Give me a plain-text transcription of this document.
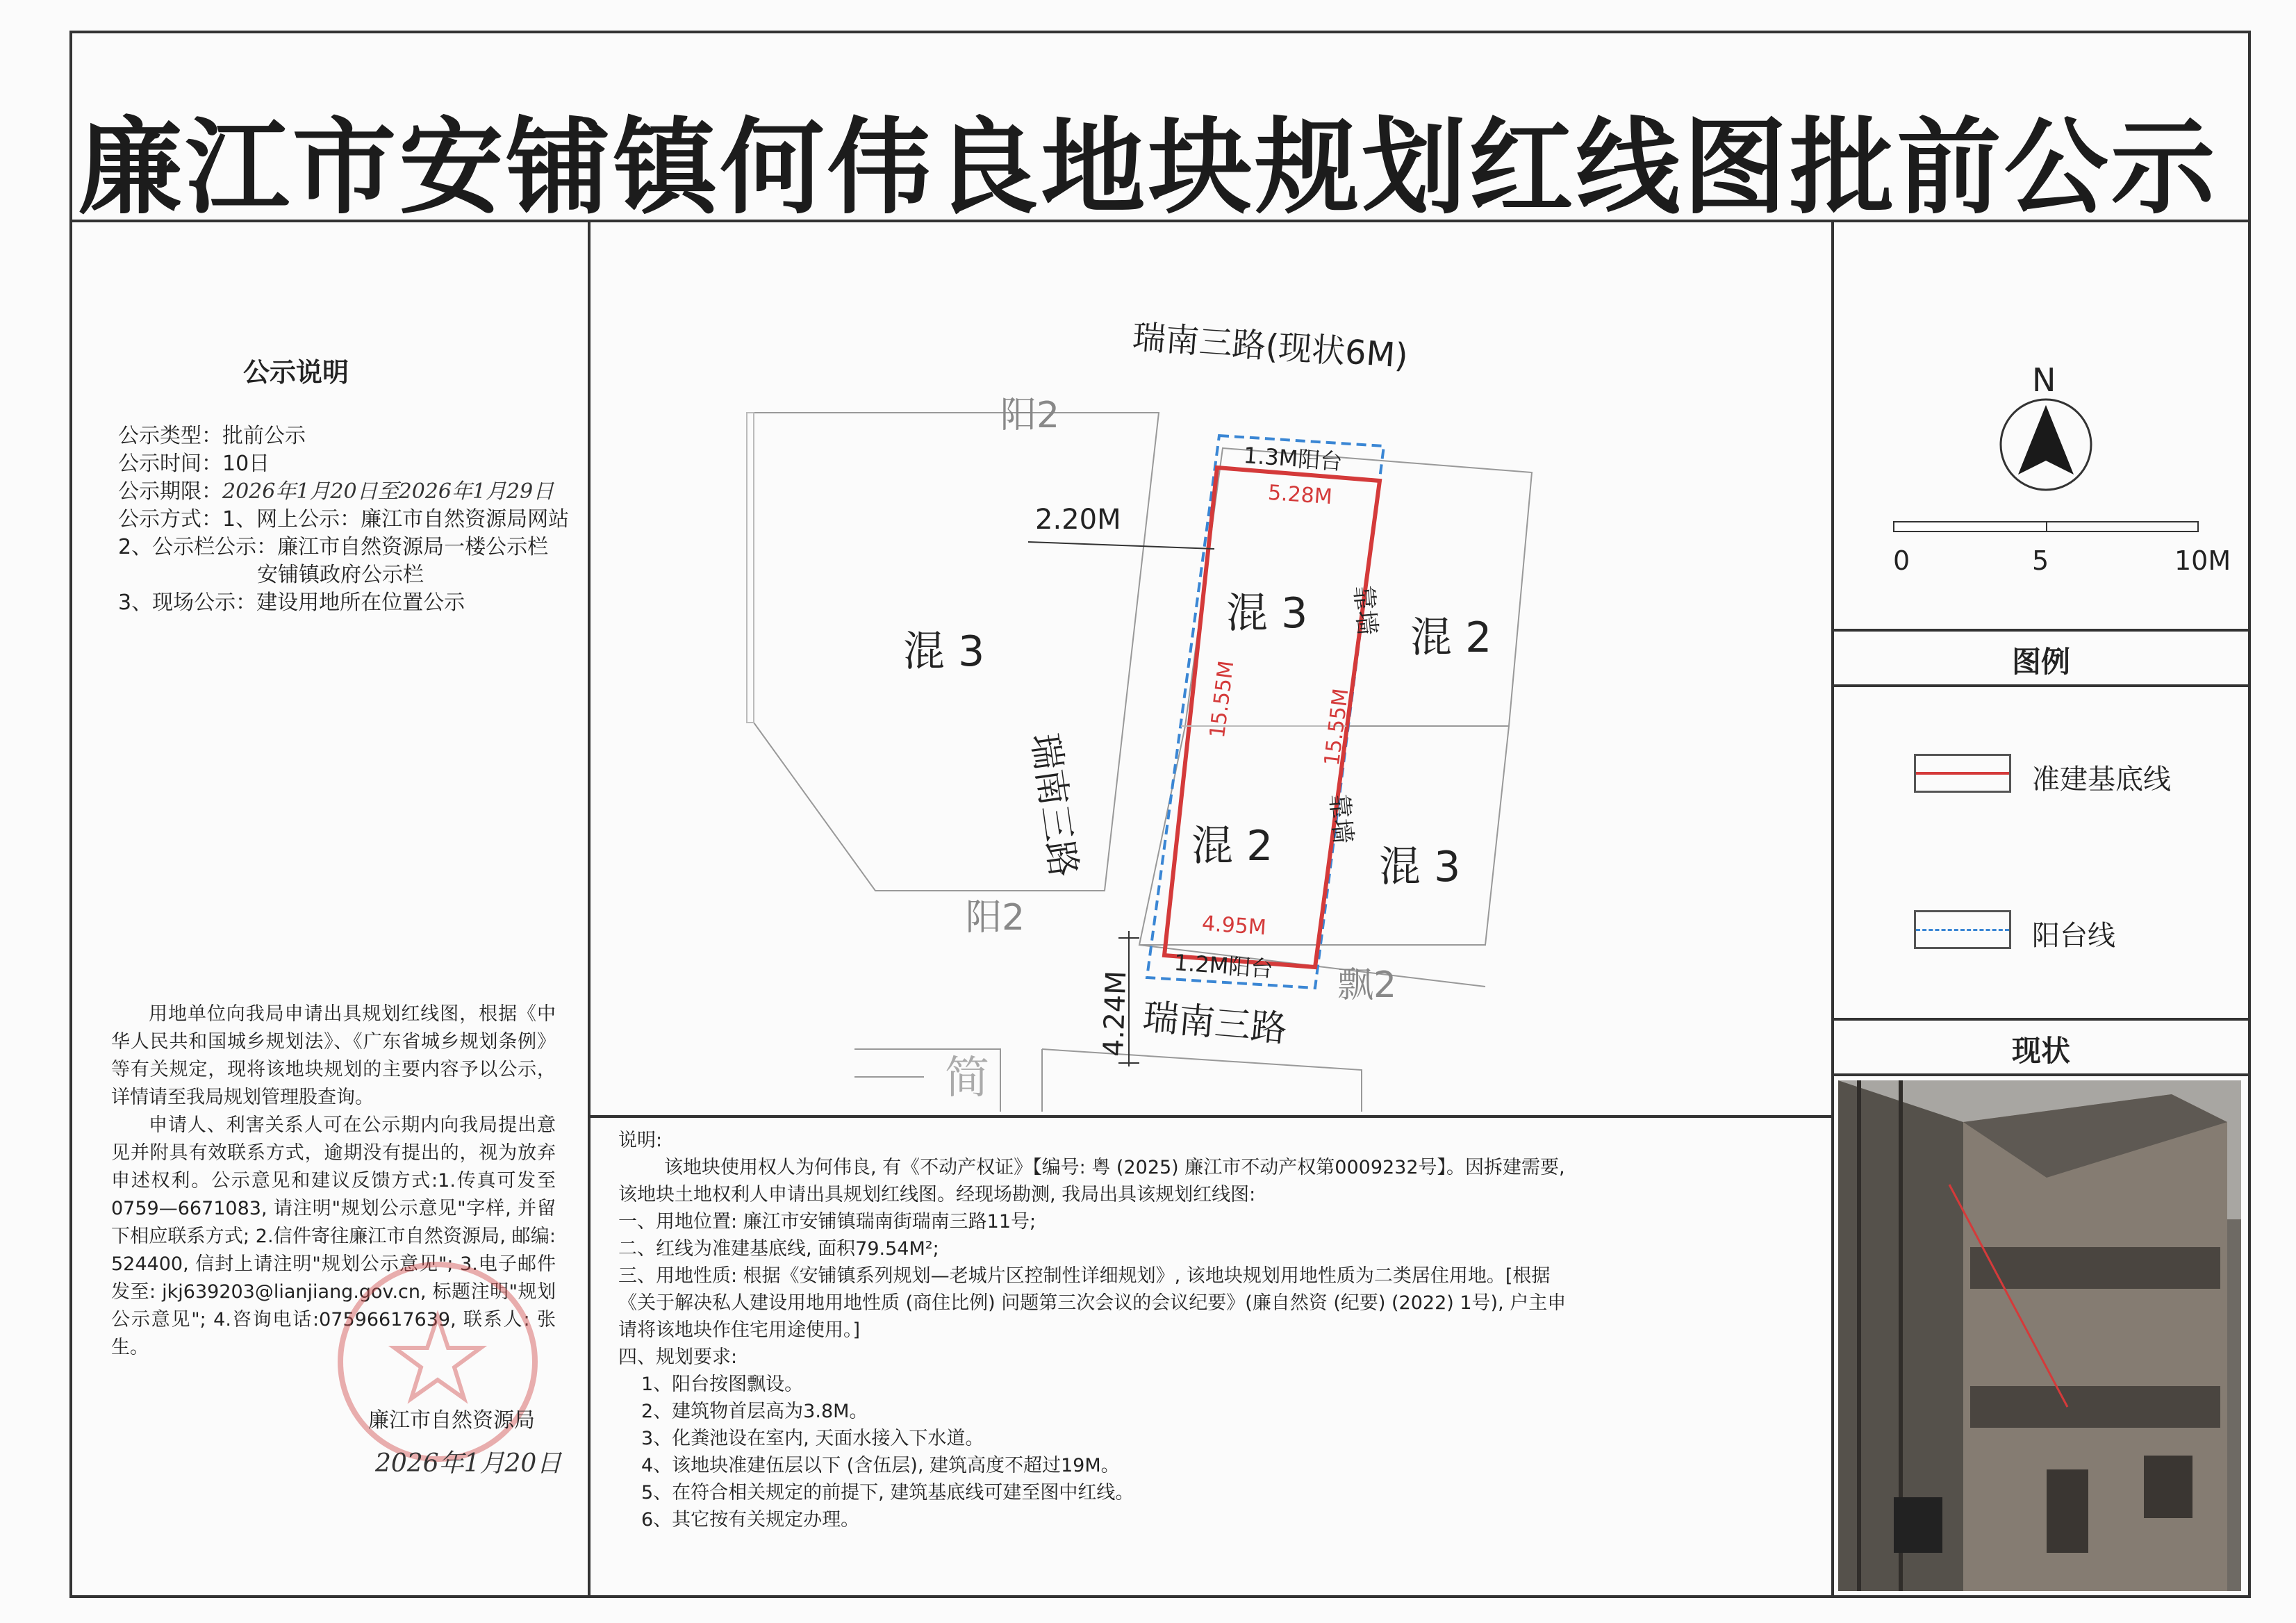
廉江市安铺镇何伟良地块规划红线图批前公示
公示说明
公示类型：批前公示
公示时间：10日
公示期限：2026年1月20日至2026年1月29日
公示方式：1、网上公示：廉江市自然资源局网站
2、公示栏公示：廉江市自然资源局一楼公示栏
安铺镇政府公示栏
3、现场公示：建设用地所在位置公示
用地单位向我局申请出具规划红线图，根据《中华人民共和国城乡规划法》、《广东省城乡规划条例》等有关规定，现将该地块规划的主要内容予以公示，详情请至我局规划管理股查询。
申请人、利害关系人可在公示期内向我局提出意见并附具有效联系方式，逾期没有提出的，视为放弃申述权利。公示意见和建议反馈方式:1.传真可发至0759—6671083, 请注明"规划公示意见"字样, 并留下相应联系方式; 2.信件寄往廉江市自然资源局, 邮编: 524400, 信封上请注明"规划公示意见"; 3.电子邮件发至: jkj639203@lianjiang.gov.cn, 标题注明"规划公示意见"; 4.咨询电话:07596617639, 联系人: 张生。
廉江市自然资源局
2026年1月20日
瑞南三路(现状6M)
瑞南三路
瑞南三路
1.3M阳台
1.2M阳台
5.28M
4.95M
15.55M	15.55M
2.20M
4.24M
混 3
混 3
混 2
混 2
混 3
靠墙
靠墙
阳2
阳2
飘2
简
N
0	5	10M
图例
准建基底线
阳台线
现状

说明:

该地块使用权人为何伟良, 有《不动产权证》【编号: 粤 (2025) 廉江市不动产权第0009232号】。因拆建需要, 该地块土地权利人申请出具规划红线图。经现场勘测, 我局出具该规划红线图:

一、用地位置: 廉江市安铺镇瑞南街瑞南三路11号;

二、红线为准建基底线, 面积79.54M²;

三、用地性质: 根据《安铺镇系列规划—老城片区控制性详细规划》, 该地块规划用地性质为二类居住用地。[根据《关于解决私人建设用地用地性质 (商住比例) 问题第三次会议的会议纪要》(廉自然资 (纪要) (2022) 1号), 户主申请将该地块作住宅用途使用。]

四、规划要求:

1、阳台按图飘设。

2、建筑物首层高为3.8M。

3、化粪池设在室内, 天面水接入下水道。

4、该地块准建伍层以下 (含伍层), 建筑高度不超过19M。

5、在符合相关规定的前提下, 建筑基底线可建至图中红线。

6、其它按有关规定办理。
